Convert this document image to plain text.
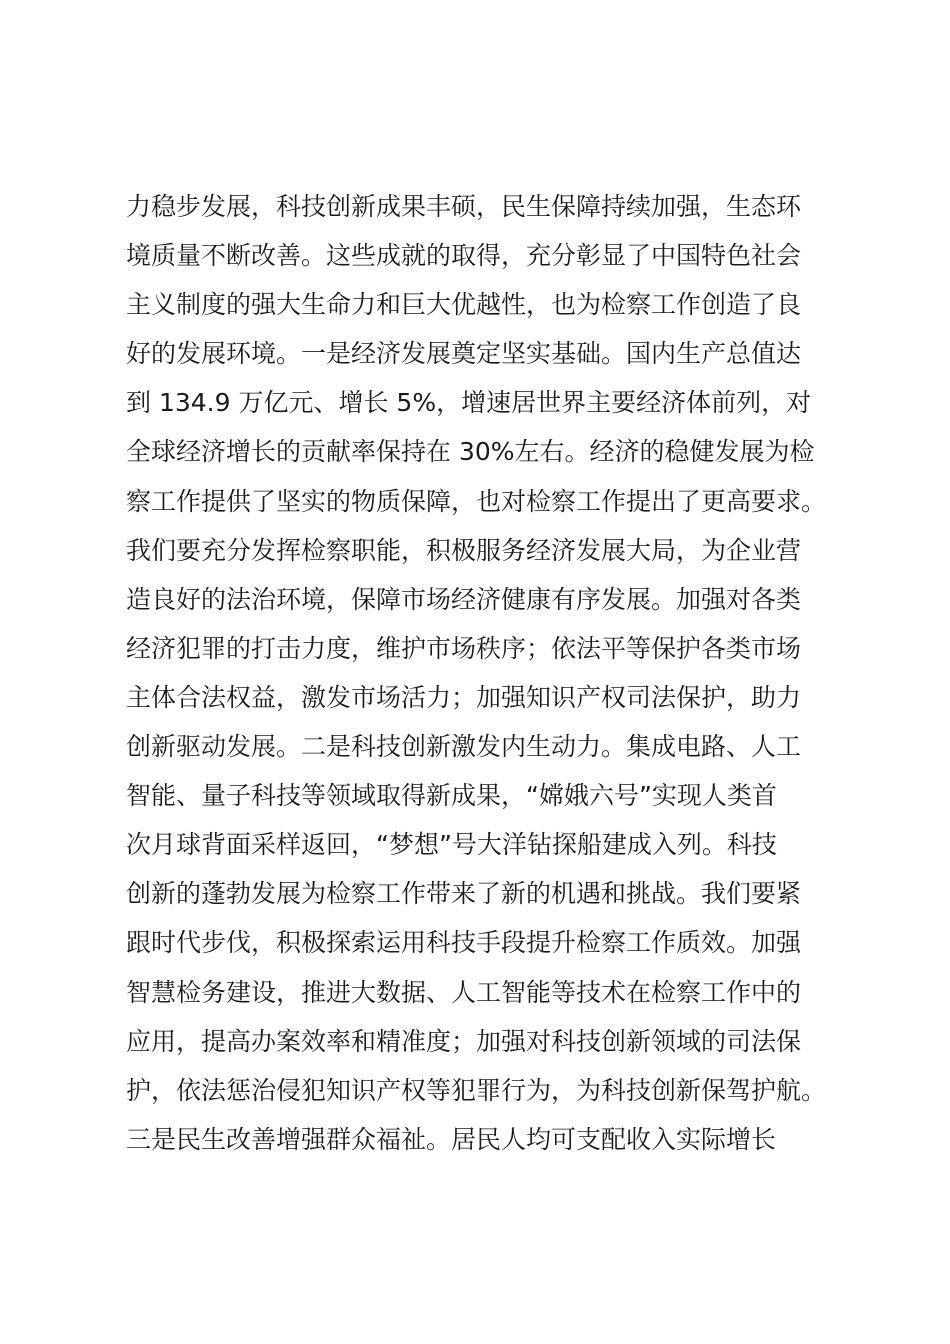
力稳步发展，科技创新成果丰硕，民生保障持续加强，生态环
境质量不断改善。这些成就的取得，充分彰显了中国特色社会
主义制度的强大生命力和巨大优越性，也为检察工作创造了良
好的发展环境。一是经济发展奠定坚实基础。国内生产总值达
到 134.9 万亿元、增长 5%，增速居世界主要经济体前列，对
全球经济增长的贡献率保持在 30%左右。经济的稳健发展为检
察工作提供了坚实的物质保障，也对检察工作提出了更高要求。
我们要充分发挥检察职能，积极服务经济发展大局，为企业营
造良好的法治环境，保障市场经济健康有序发展。加强对各类
经济犯罪的打击力度，维护市场秩序；依法平等保护各类市场
主体合法权益，激发市场活力；加强知识产权司法保护，助力
创新驱动发展。二是科技创新激发内生动力。集成电路、人工
智能、量子科技等领域取得新成果，“嫦娥六号”实现人类首
次月球背面采样返回，“梦想”号大洋钻探船建成入列。科技
创新的蓬勃发展为检察工作带来了新的机遇和挑战。我们要紧
跟时代步伐，积极探索运用科技手段提升检察工作质效。加强
智慧检务建设，推进大数据、人工智能等技术在检察工作中的
应用，提高办案效率和精准度；加强对科技创新领域的司法保
护，依法惩治侵犯知识产权等犯罪行为，为科技创新保驾护航。
三是民生改善增强群众福祉。居民人均可支配收入实际增长
